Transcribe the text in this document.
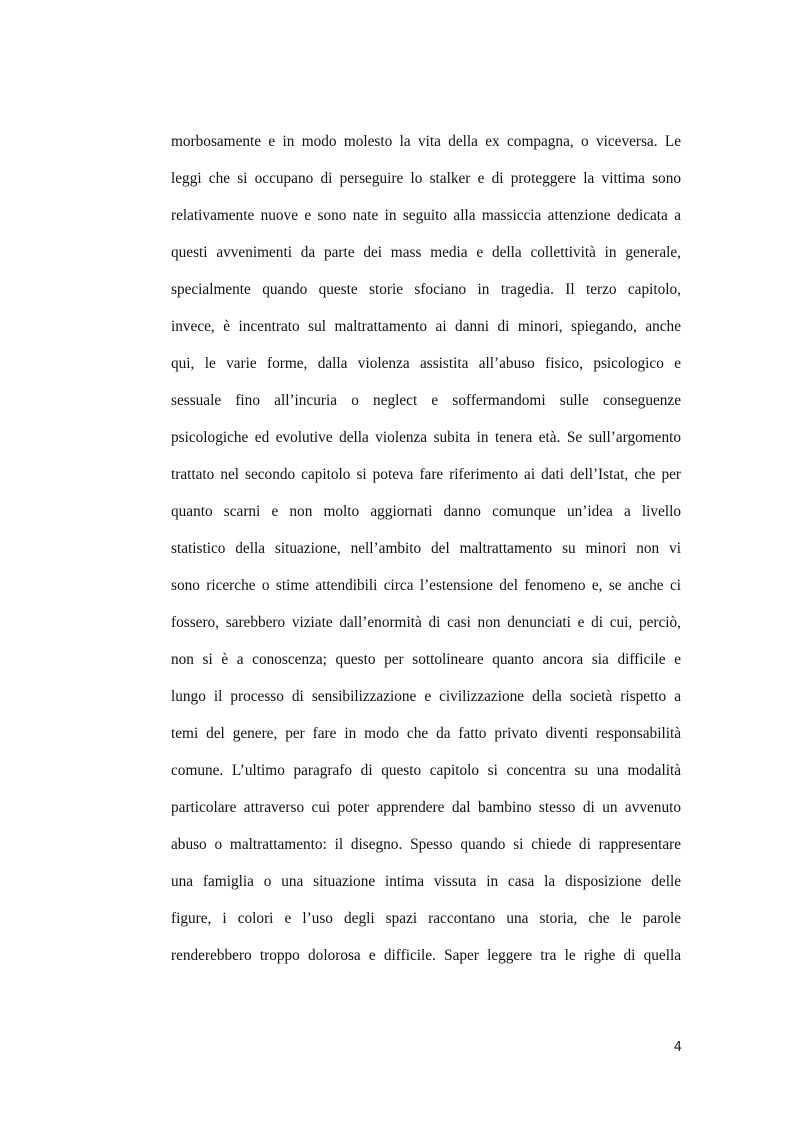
morbosamente e in modo molesto la vita della ex compagna, o viceversa. Le
leggi che si occupano di perseguire lo stalker e di proteggere la vittima sono
relativamente nuove e sono nate in seguito alla massiccia attenzione dedicata a
questi avvenimenti da parte dei mass media e della collettività in generale,
specialmente quando queste storie sfociano in tragedia. Il terzo capitolo,
invece, è incentrato sul maltrattamento ai danni di minori, spiegando, anche
qui, le varie forme, dalla violenza assistita all’abuso fisico, psicologico e
sessuale fino all’incuria o neglect e soffermandomi sulle conseguenze
psicologiche ed evolutive della violenza subita in tenera età. Se sull’argomento
trattato nel secondo capitolo si poteva fare riferimento ai dati dell’Istat, che per
quanto scarni e non molto aggiornati danno comunque un’idea a livello
statistico della situazione, nell’ambito del maltrattamento su minori non vi
sono ricerche o stime attendibili circa l’estensione del fenomeno e, se anche ci
fossero, sarebbero viziate dall’enormità di casi non denunciati e di cui, perciò,
non si è a conoscenza; questo per sottolineare quanto ancora sia difficile e
lungo il processo di sensibilizzazione e civilizzazione della società rispetto a
temi del genere, per fare in modo che da fatto privato diventi responsabilità
comune. L’ultimo paragrafo di questo capitolo si concentra su una modalità
particolare attraverso cui poter apprendere dal bambino stesso di un avvenuto
abuso o maltrattamento: il disegno. Spesso quando si chiede di rappresentare
una famiglia o una situazione intima vissuta in casa la disposizione delle
figure, i colori e l’uso degli spazi raccontano una storia, che le parole
renderebbero troppo dolorosa e difficile. Saper leggere tra le righe di quella
4
